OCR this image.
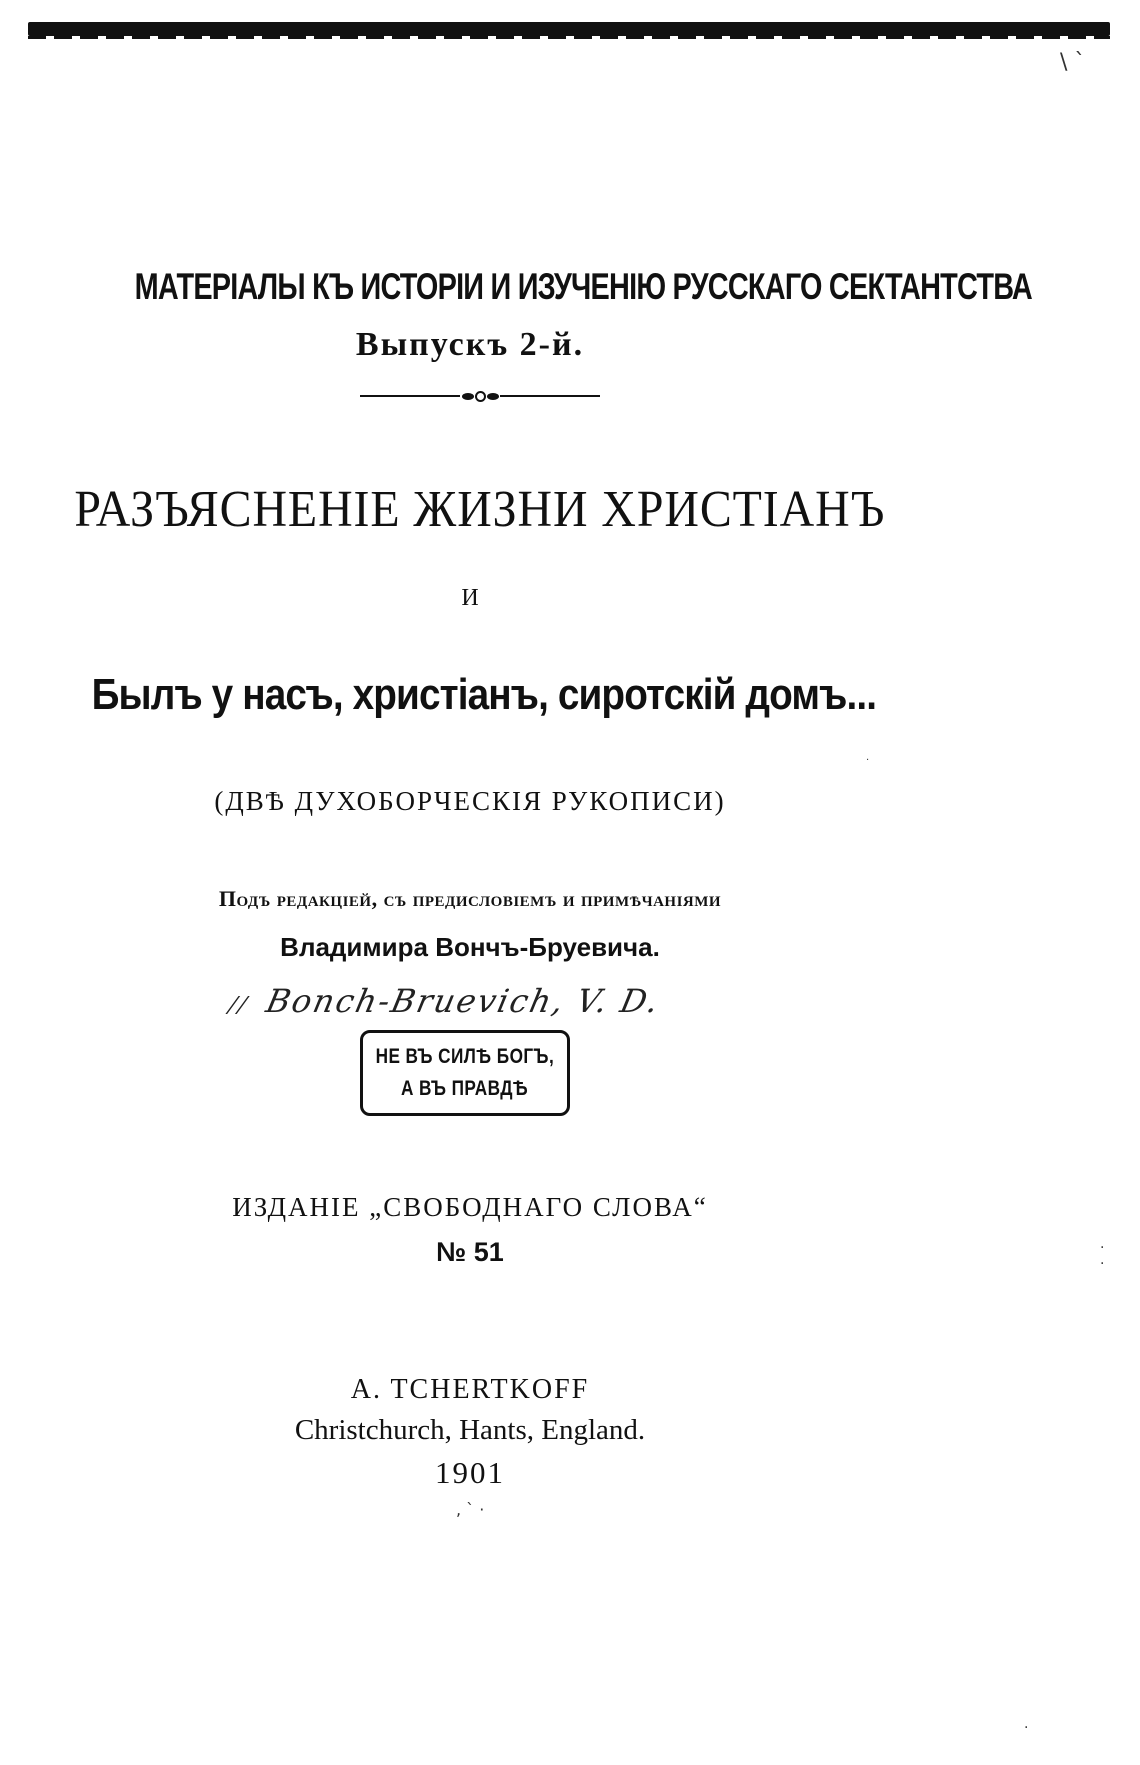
\ `
·
·
·
, ` ·
·
МАТЕРIАЛЫ КЪ ИСТОРIИ И ИЗУЧЕНIЮ РУССКАГО СЕКТАНТСТВА
Выпускъ 2-й.
РАЗЪЯСНЕНIЕ ЖИЗНИ ХРИСТIАНЪ
И
Былъ у насъ, христiанъ, сиротскiй домъ...
(ДВѢ ДУХОБОРЧЕСКIЯ РУКОПИСИ)
Подъ редакцiей, съ предисловiемъ и примѣчанiями
Владимира Вончъ-Бруевича.
// Bonch-Bruevich, V. D.
НЕ ВЪ СИЛѢ БОГЪ,
А ВЪ ПРАВДѢ
ИЗДАНIЕ „СВОБОДНАГО СЛОВА“
№ 51
A. TCHERTKOFF
Christchurch, Hants, England.
1901
